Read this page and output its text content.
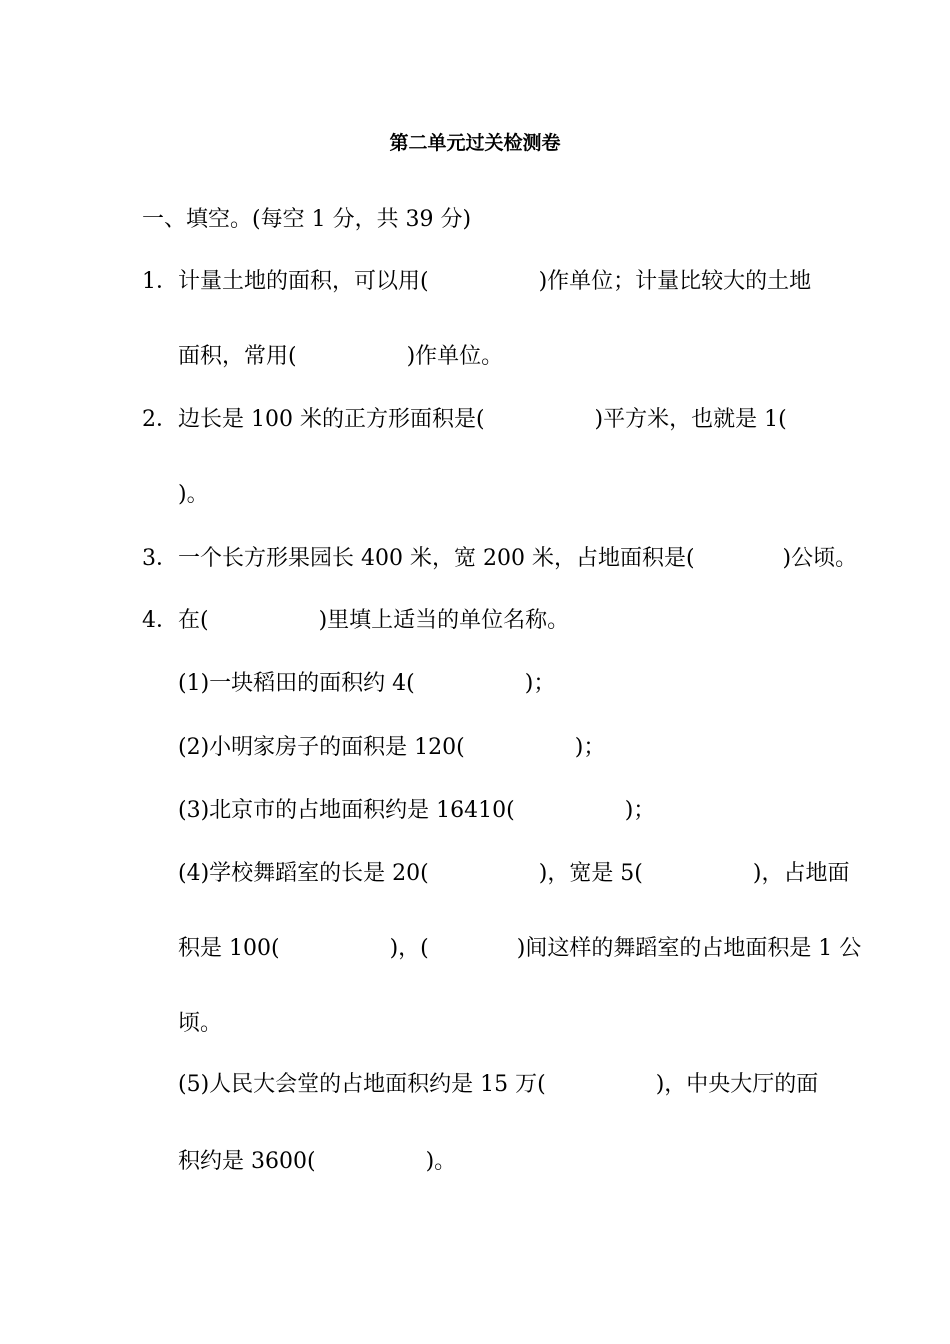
第二单元过关检测卷
一、填空。(每空 1 分，共 39 分)
1．计量土地的面积，可以用(　　　　　)作单位；计量比较大的土地
面积，常用(　　　　　)作单位。
2．边长是 100 米的正方形面积是(　　　　　)平方米，也就是 1(
)。
3．一个长方形果园长 400 米，宽 200 米，占地面积是(　　　　)公顷。
4．在(　　　　　)里填上适当的单位名称。
(1)一块稻田的面积约 4(　　　　　)；
(2)小明家房子的面积是 120(　　　　　)；
(3)北京市的占地面积约是 16410(　　　　　)；
(4)学校舞蹈室的长是 20(　　　　　)，宽是 5(　　　　　)，占地面
积是 100(　　　　　)，(　　　　)间这样的舞蹈室的占地面积是 1 公
顷。
(5)人民大会堂的占地面积约是 15 万(　　　　　)，中央大厅的面
积约是 3600(　　　　　)。
